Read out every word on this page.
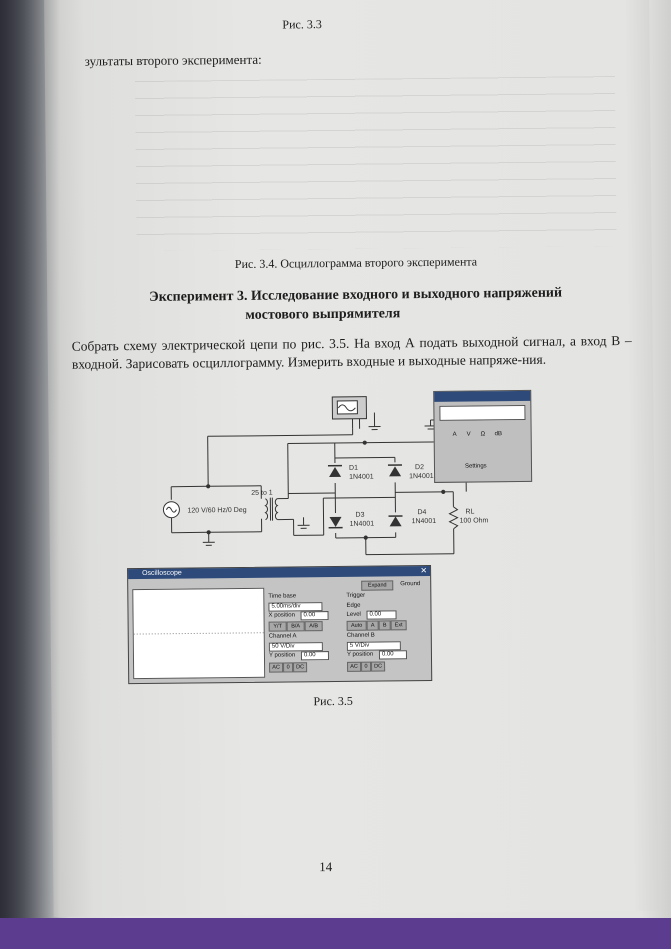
Рис. 3.3
зультаты второго эксперимента:
Рис. 3.4. Осциллограмма второго эксперимента
Эксперимент 3. Исследование входного и выходного напряжений
мостового выпрямителя
Собрать схему электрической цепи по рис. 3.5. На вход А подать выходной сигнал, а вход В – входной. Зарисовать осциллограмму. Измерить входные и выходные напряже-ния.
120 V/60 Hz/0 Deg
25 to 1
D1
1N4001
D2
1N4001
D3
1N4001
D4
1N4001
RL
100 Ohm
A V Ω dB
Settings
Oscilloscope	✕
Expand	Ground
Time base
5.00ms/div
X position	0.00
Y/T	B/A	A/B
Trigger
Edge
Level	0.00
Auto	A	B	Ext
Channel A
50 V/Div
Y position	0.00
AC	0	DC
Channel B
5 V/Div
Y position	0.00
AC	0	DC
Рис. 3.5
14
